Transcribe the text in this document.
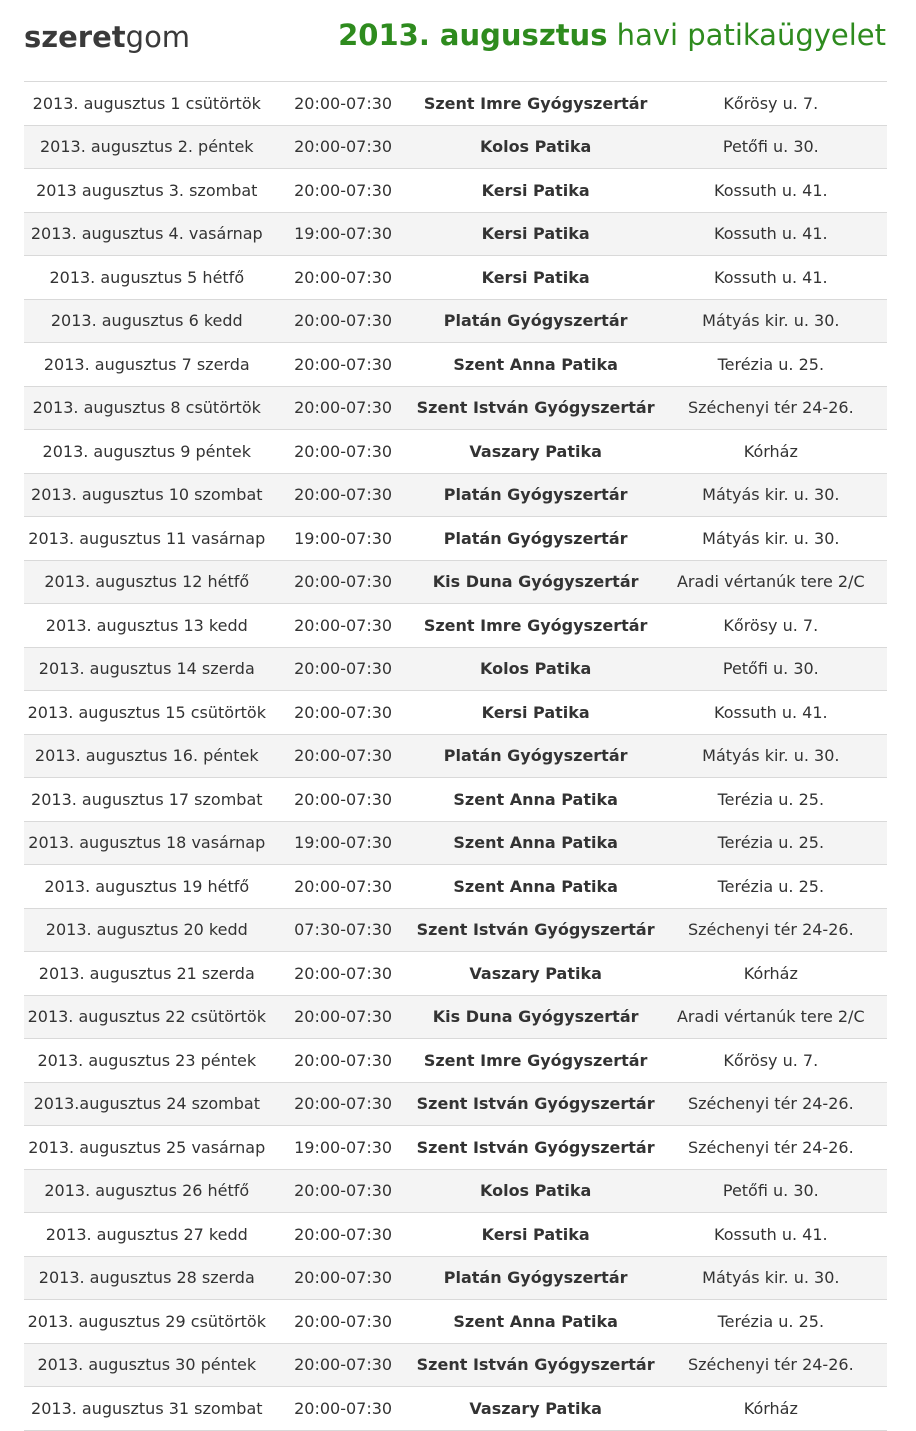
szeretgom	2013. augusztus havi patikaügyelet
2013. augusztus 1 csütörtök	20:00-07:30	Szent Imre Gyógyszertár	Kőrösy u. 7.
2013. augusztus 2. péntek	20:00-07:30	Kolos Patika	Petőfi u. 30.
2013 augusztus 3. szombat	20:00-07:30	Kersi Patika	Kossuth u. 41.
2013. augusztus 4. vasárnap	19:00-07:30	Kersi Patika	Kossuth u. 41.
2013. augusztus 5 hétfő	20:00-07:30	Kersi Patika	Kossuth u. 41.
2013. augusztus 6 kedd	20:00-07:30	Platán Gyógyszertár	Mátyás kir. u. 30.
2013. augusztus 7 szerda	20:00-07:30	Szent Anna Patika	Terézia u. 25.
2013. augusztus 8 csütörtök	20:00-07:30	Szent István Gyógyszertár	Széchenyi tér 24-26.
2013. augusztus 9 péntek	20:00-07:30	Vaszary Patika	Kórház
2013. augusztus 10 szombat	20:00-07:30	Platán Gyógyszertár	Mátyás kir. u. 30.
2013. augusztus 11 vasárnap	19:00-07:30	Platán Gyógyszertár	Mátyás kir. u. 30.
2013. augusztus 12 hétfő	20:00-07:30	Kis Duna Gyógyszertár	Aradi vértanúk tere 2/C
2013. augusztus 13 kedd	20:00-07:30	Szent Imre Gyógyszertár	Kőrösy u. 7.
2013. augusztus 14 szerda	20:00-07:30	Kolos Patika	Petőfi u. 30.
2013. augusztus 15 csütörtök	20:00-07:30	Kersi Patika	Kossuth u. 41.
2013. augusztus 16. péntek	20:00-07:30	Platán Gyógyszertár	Mátyás kir. u. 30.
2013. augusztus 17 szombat	20:00-07:30	Szent Anna Patika	Terézia u. 25.
2013. augusztus 18 vasárnap	19:00-07:30	Szent Anna Patika	Terézia u. 25.
2013. augusztus 19 hétfő	20:00-07:30	Szent Anna Patika	Terézia u. 25.
2013. augusztus 20 kedd	07:30-07:30	Szent István Gyógyszertár	Széchenyi tér 24-26.
2013. augusztus 21 szerda	20:00-07:30	Vaszary Patika	Kórház
2013. augusztus 22 csütörtök	20:00-07:30	Kis Duna Gyógyszertár	Aradi vértanúk tere 2/C
2013. augusztus 23 péntek	20:00-07:30	Szent Imre Gyógyszertár	Kőrösy u. 7.
2013.augusztus 24 szombat	20:00-07:30	Szent István Gyógyszertár	Széchenyi tér 24-26.
2013. augusztus 25 vasárnap	19:00-07:30	Szent István Gyógyszertár	Széchenyi tér 24-26.
2013. augusztus 26 hétfő	20:00-07:30	Kolos Patika	Petőfi u. 30.
2013. augusztus 27 kedd	20:00-07:30	Kersi Patika	Kossuth u. 41.
2013. augusztus 28 szerda	20:00-07:30	Platán Gyógyszertár	Mátyás kir. u. 30.
2013. augusztus 29 csütörtök	20:00-07:30	Szent Anna Patika	Terézia u. 25.
2013. augusztus 30 péntek	20:00-07:30	Szent István Gyógyszertár	Széchenyi tér 24-26.
2013. augusztus 31 szombat	20:00-07:30	Vaszary Patika	Kórház
